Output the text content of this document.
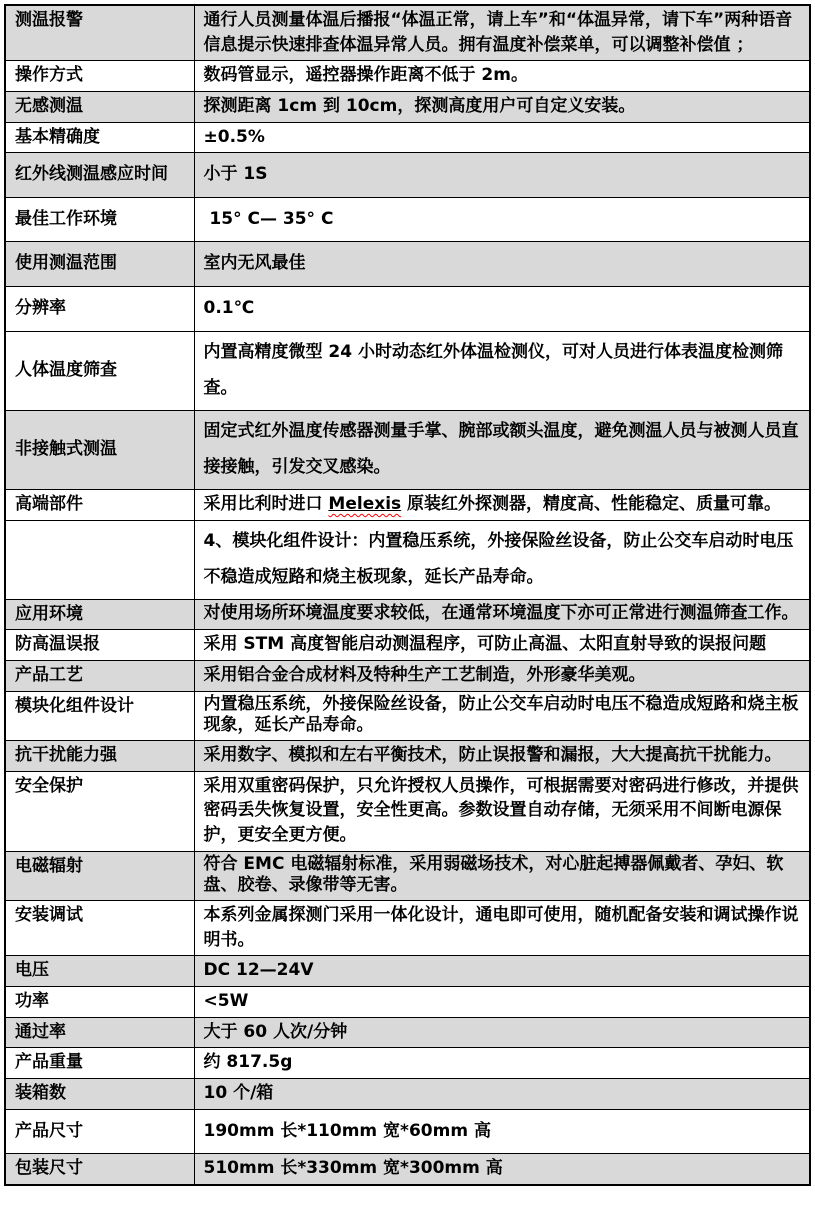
测温报警	通行人员测量体温后播报“体温正常，请上车”和“体温异常，请下车”两种语音信息提示快速排查体温异常人员。拥有温度补偿菜单，可以调整补偿值 ；
操作方式	数码管显示，遥控器操作距离不低于 2m。
无感测温	探测距离 1cm 到 10cm，探测高度用户可自定义安装。
基本精确度	±0.5%
红外线测温感应时间	小于 1S
最佳工作环境	15° C— 35° C
使用测温范围	室内无风最佳
分辨率	0.1℃
人体温度筛查	内置高精度微型 24 小时动态红外体温检测仪，可对人员进行体表温度检测筛查。
非接触式测温	固定式红外温度传感器测量手掌、腕部或额头温度，避免测温人员与被测人员直接接触，引发交叉感染。
高端部件	采用比利时进口 Melexis 原装红外探测器，精度高、性能稳定、质量可靠。
	4、模块化组件设计：内置稳压系统，外接保险丝设备，防止公交车启动时电压不稳造成短路和烧主板现象，延长产品寿命。
应用环境	对使用场所环境温度要求较低，在通常环境温度下亦可正常进行测温筛查工作。
防高温误报	采用 STM 高度智能启动测温程序，可防止高温、太阳直射导致的误报问题
产品工艺	采用铝合金合成材料及特种生产工艺制造，外形豪华美观。
模块化组件设计	内置稳压系统，外接保险丝设备，防止公交车启动时电压不稳造成短路和烧主板现象，延长产品寿命。
抗干扰能力强	采用数字、模拟和左右平衡技术，防止误报警和漏报，大大提高抗干扰能力。
安全保护	采用双重密码保护，只允许授权人员操作，可根据需要对密码进行修改，并提供密码丢失恢复设置，安全性更高。参数设置自动存储，无须采用不间断电源保护，更安全更方便。
电磁辐射	符合 EMC 电磁辐射标准，采用弱磁场技术，对心脏起搏器佩戴者、孕妇、软盘、胶卷、录像带等无害。
安装调试	本系列金属探测门采用一体化设计，通电即可使用，随机配备安装和调试操作说明书。
电压	DC 12—24V
功率	<5W
通过率	大于 60 人次/分钟
产品重量	约 817.5g
装箱数	10 个/箱
产品尺寸	190mm 长*110mm 宽*60mm 高
包装尺寸	510mm 长*330mm 宽*300mm 高
